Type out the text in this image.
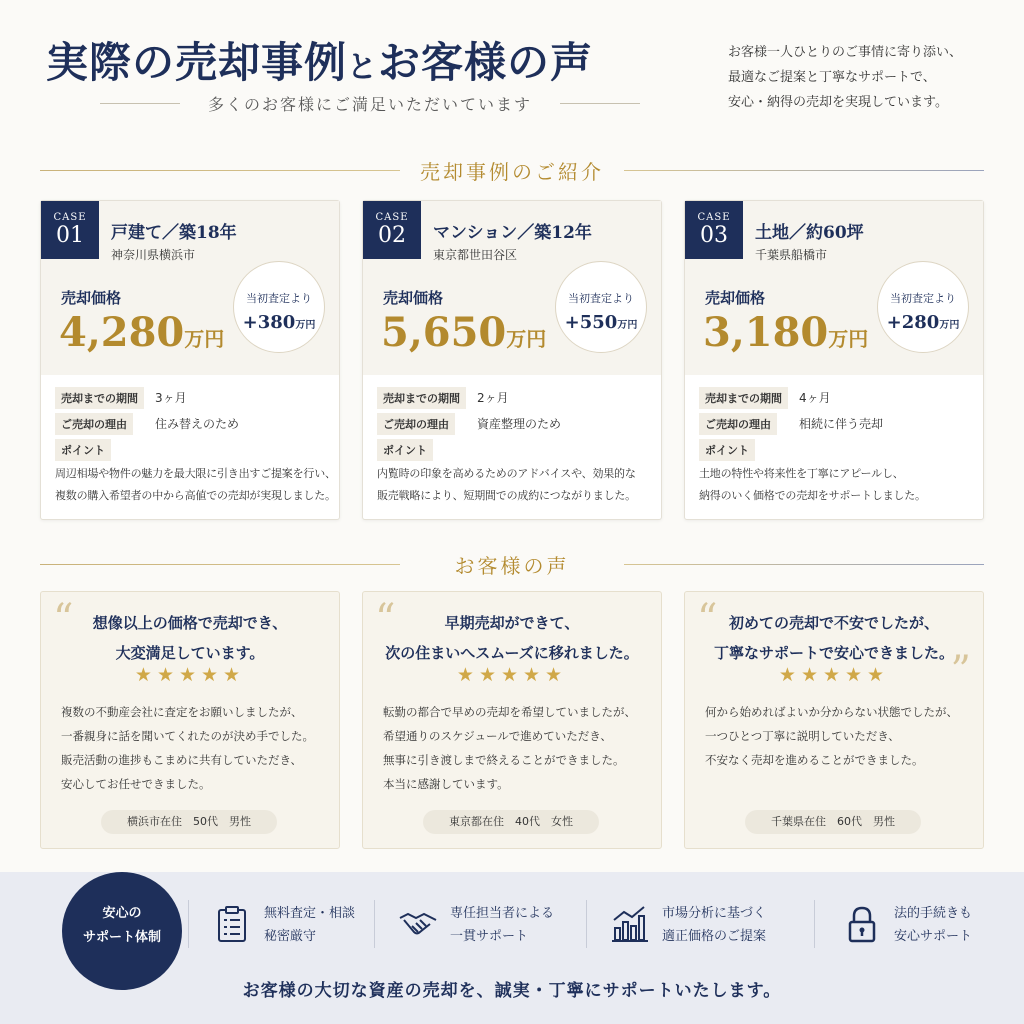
実際の売却事例とお客様の声
多くのお客様にご満足いただいています
お客様一人ひとりのご事情に寄り添い、
最適なご提案と丁寧なサポートで、
安心・納得の売却を実現しています。
売却事例のご紹介
CASE
01	戸建て／築18年
神奈川県横浜市
売却価格
4,280万円
当初査定より
+380万円
売却までの期間 3ヶ月
ご売却の理由 住み替えのため
ポイント
周辺相場や物件の魅力を最大限に引き出すご提案を行い、
複数の購入希望者の中から高値での売却が実現しました。
CASE
02	マンション／築12年
東京都世田谷区
売却価格
5,650万円
当初査定より
+550万円
売却までの期間 2ヶ月
ご売却の理由 資産整理のため
ポイント
内覧時の印象を高めるためのアドバイスや、効果的な
販売戦略により、短期間での成約につながりました。
CASE
03	土地／約60坪
千葉県船橋市
売却価格
3,180万円
当初査定より
+280万円
売却までの期間 4ヶ月
ご売却の理由 相続に伴う売却
ポイント
土地の特性や将来性を丁寧にアピールし、
納得のいく価格での売却をサポートしました。
お客様の声
“	想像以上の価格で売却でき、
大変満足しています。
★★★★★
複数の不動産会社に査定をお願いしましたが、
一番親身に話を聞いてくれたのが決め手でした。
販売活動の進捗もこまめに共有していただき、
安心してお任せできました。
横浜市在住　50代　男性
“	早期売却ができて、
次の住まいへスムーズに移れました。
★★★★★
転勤の都合で早めの売却を希望していましたが、
希望通りのスケジュールで進めていただき、
無事に引き渡しまで終えることができました。
本当に感謝しています。
東京都在住　40代　女性
“
”
初めての売却で不安でしたが、
丁寧なサポートで安心できました。
★★★★★
何から始めればよいか分からない状態でしたが、
一つひとつ丁寧に説明していただき、
不安なく売却を進めることができました。
千葉県在住　60代　男性
安心の
サポート体制
無料査定・相談
秘密厳守
専任担当者による
一貫サポート
市場分析に基づく
適正価格のご提案
法的手続きも
安心サポート
お客様の大切な資産の売却を、誠実・丁寧にサポートいたします。
